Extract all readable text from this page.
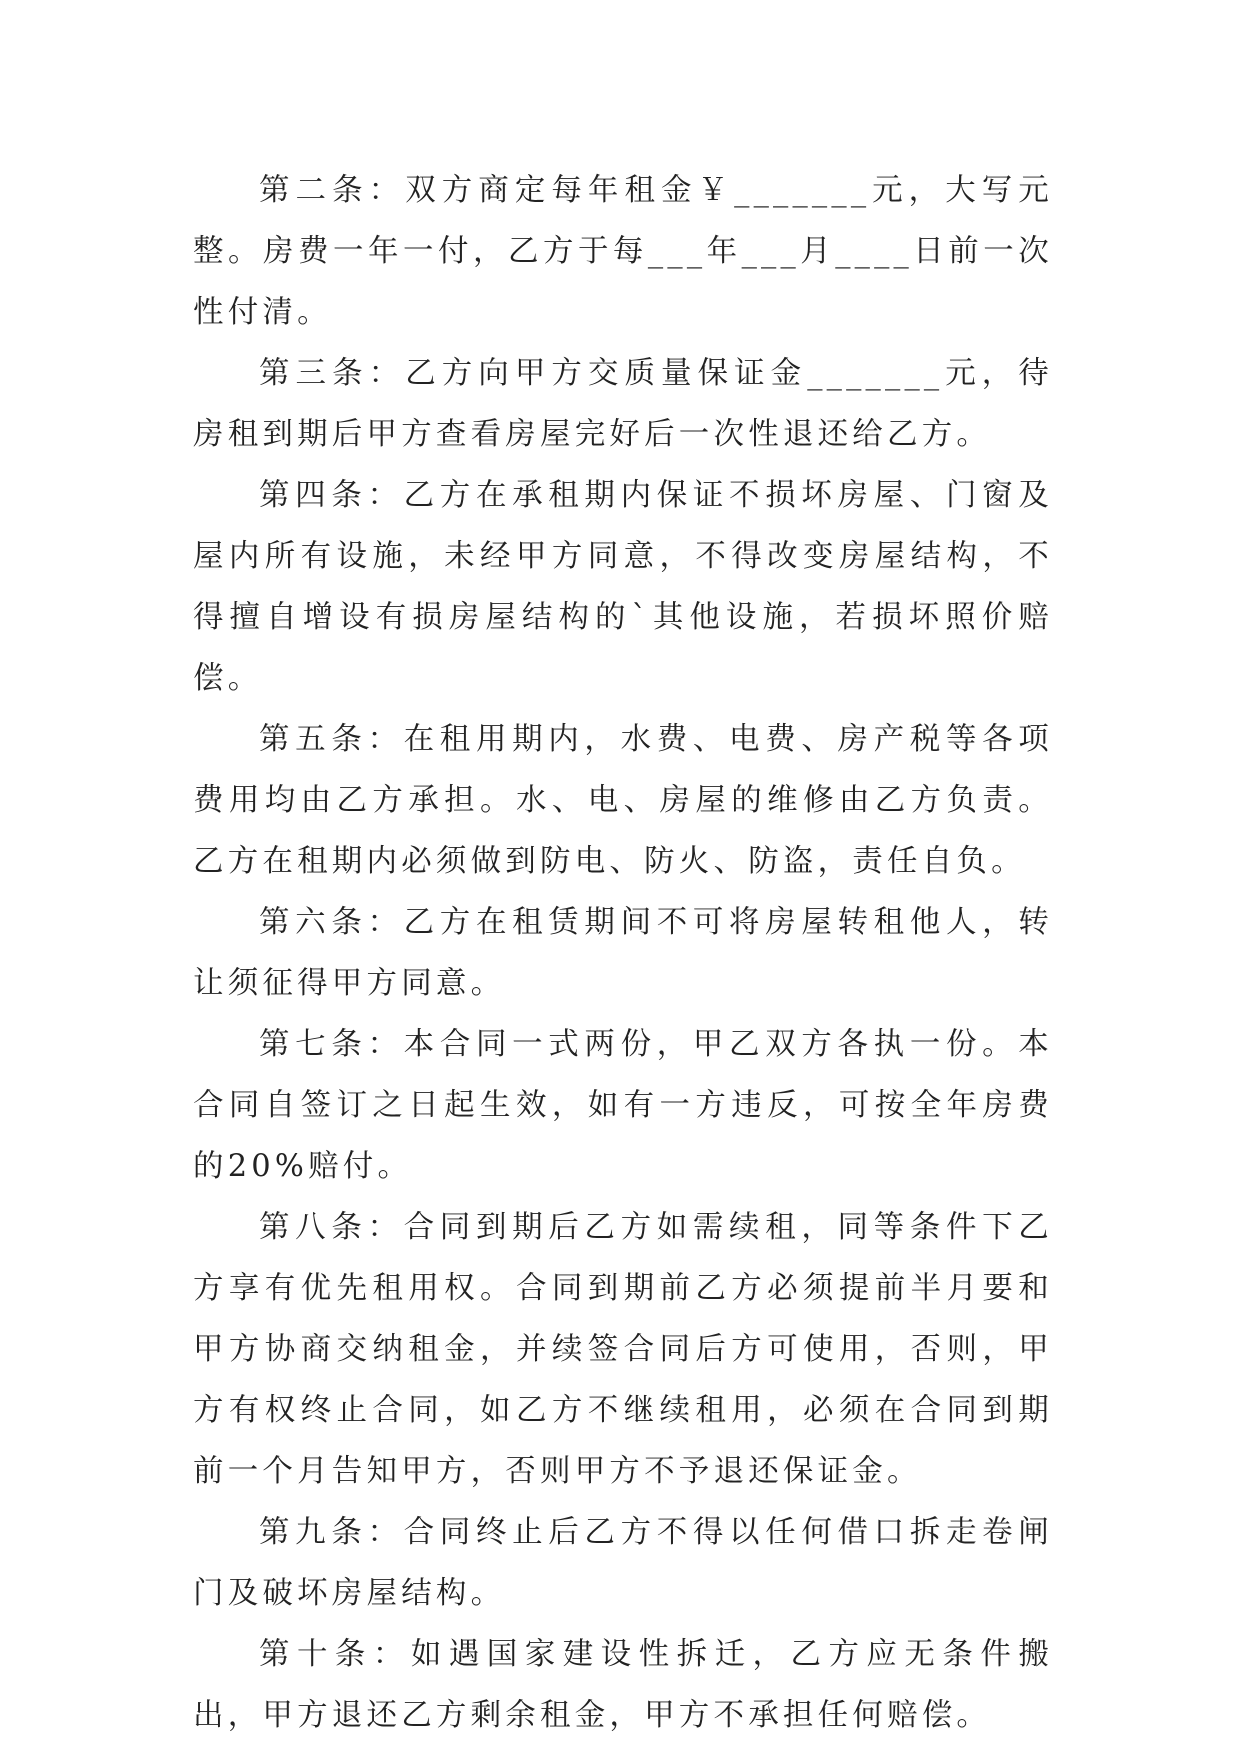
第二条：双方商定每年租金￥_______元，大写元整。房费一年一付，乙方于每___年___月____日前一次性付清。

第三条：乙方向甲方交质量保证金_______元，待房租到期后甲方查看房屋完好后一次性退还给乙方。

第四条：乙方在承租期内保证不损坏房屋、门窗及屋内所有设施，未经甲方同意，不得改变房屋结构，不得擅自增设有损房屋结构的`其他设施，若损坏照价赔偿。

第五条：在租用期内，水费、电费、房产税等各项费用均由乙方承担。水、电、房屋的维修由乙方负责。乙方在租期内必须做到防电、防火、防盗，责任自负。

第六条：乙方在租赁期间不可将房屋转租他人，转让须征得甲方同意。

第七条：本合同一式两份，甲乙双方各执一份。本合同自签订之日起生效，如有一方违反，可按全年房费的20%赔付。

第八条：合同到期后乙方如需续租，同等条件下乙方享有优先租用权。合同到期前乙方必须提前半月要和甲方协商交纳租金，并续签合同后方可使用，否则，甲方有权终止合同，如乙方不继续租用，必须在合同到期前一个月告知甲方，否则甲方不予退还保证金。

第九条：合同终止后乙方不得以任何借口拆走卷闸门及破坏房屋结构。

第十条：如遇国家建设性拆迁，乙方应无条件搬出，甲方退还乙方剩余租金，甲方不承担任何赔偿。
